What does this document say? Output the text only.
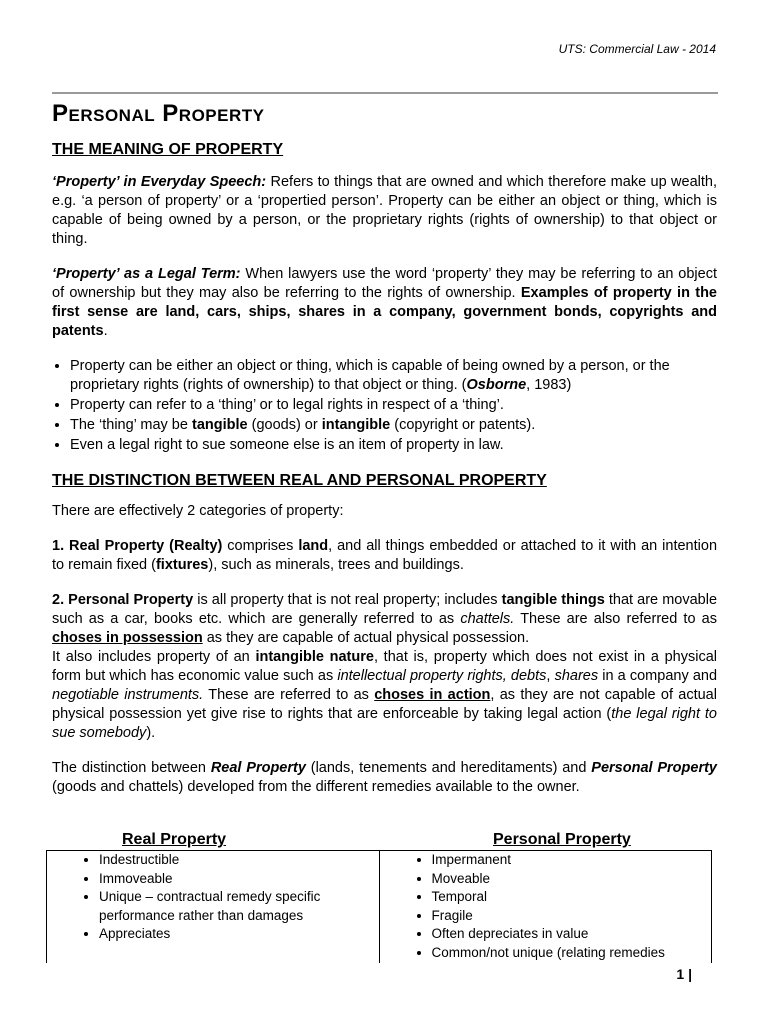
UTS: Commercial Law - 2014
Personal Property
THE MEANING OF PROPERTY

‘Property’ in Everyday Speech: Refers to things that are owned and which therefore make up wealth, e.g. ‘a person of property’ or a ‘propertied person’. Property can be either an object or thing, which is capable of being owned by a person, or the proprietary rights (rights of ownership) to that object or thing.

‘Property’ as a Legal Term: When lawyers use the word ‘property’ they may be referring to an object of ownership but they may also be referring to the rights of ownership. Examples of property in the first sense are land, cars, ships, shares in a company, government bonds, copyrights and patents.

• Property can be either an object or thing, which is capable of being owned by a person, or the proprietary rights (rights of ownership) to that object or thing. (Osborne, 1983)
• Property can refer to a ‘thing’ or to legal rights in respect of a ‘thing’.
• The ‘thing’ may be tangible (goods) or intangible (copyright or patents).
• Even a legal right to sue someone else is an item of property in law.
THE DISTINCTION BETWEEN REAL AND PERSONAL PROPERTY

There are effectively 2 categories of property:

1. Real Property (Realty) comprises land, and all things embedded or attached to it with an intention to remain fixed (fixtures), such as minerals, trees and buildings.

2. Personal Property is all property that is not real property; includes tangible things that are movable such as a car, books etc. which are generally referred to as chattels. These are also referred to as choses in possession as they are capable of actual physical possession.

It also includes property of an intangible nature, that is, property which does not exist in a physical form but which has economic value such as intellectual property rights, debts, shares in a company and negotiable instruments. These are referred to as choses in action, as they are not capable of actual physical possession yet give rise to rights that are enforceable by taking legal action (the legal right to sue somebody).

The distinction between Real Property (lands, tenements and hereditaments) and Personal Property (goods and chattels) developed from the different remedies available to the owner.

Real Property	Personal Property
• Indestructible
• Immoveable
• Unique – contractual remedy specific performance rather than damages
• Appreciates
• Impermanent
• Moveable
• Temporal
• Fragile
• Often depreciates in value
• Common/not unique (relating remedies
1 |
